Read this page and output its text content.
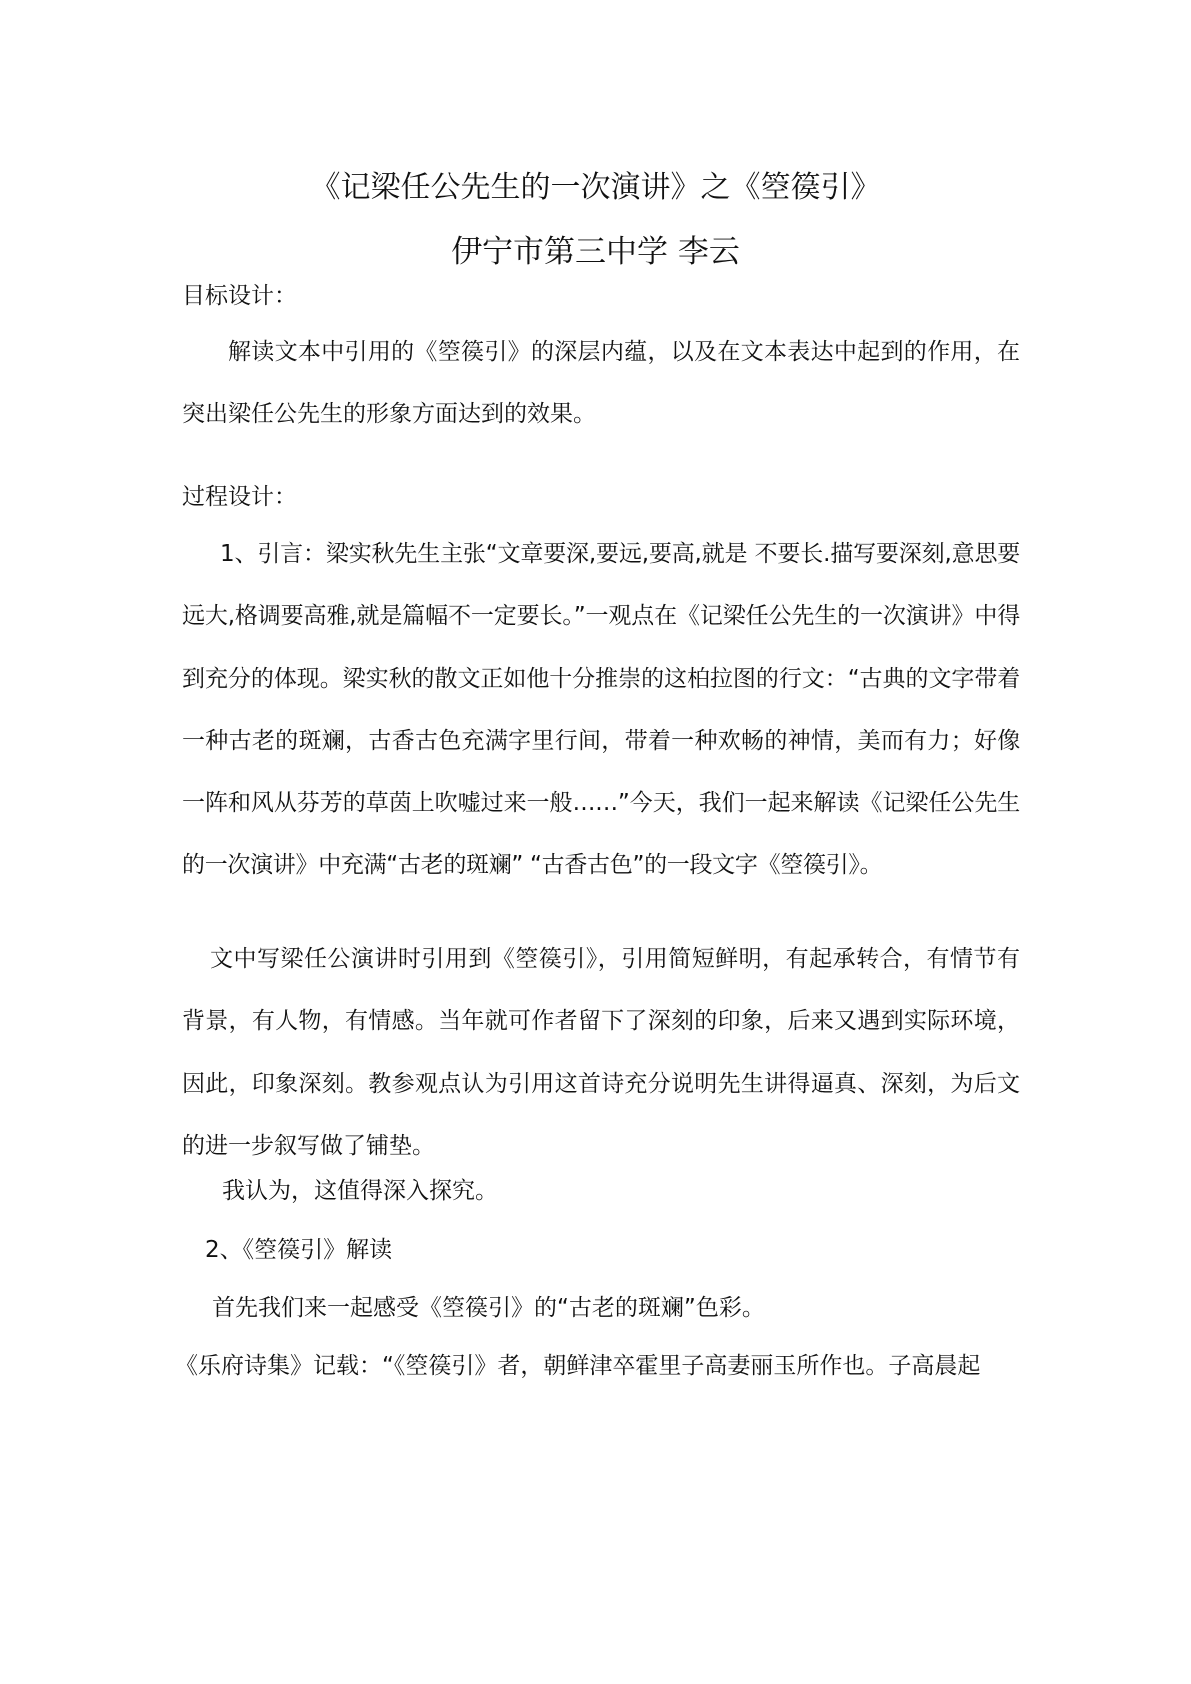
《记梁任公先生的一次演讲》之《箜篌引》
伊宁市第三中学 李云
目标设计：
解读文本中引用的《箜篌引》的深层内蕴，以及在文本表达中起到的作用，在突出梁任公先生的形象方面达到的效果。
过程设计：
1、引言：梁实秋先生主张“文章要深,要远,要高,就是 不要长.描写要深刻,意思要远大,格调要高雅,就是篇幅不一定要长。”一观点在《记梁任公先生的一次演讲》中得到充分的体现。梁实秋的散文正如他十分推崇的这柏拉图的行文：“古典的文字带着一种古老的斑斓，古香古色充满字里行间，带着一种欢畅的神情，美而有力；好像一阵和风从芬芳的草茵上吹嘘过来一般……”今天，我们一起来解读《记梁任公先生的一次演讲》中充满“古老的斑斓” “古香古色”的一段文字《箜篌引》。
文中写梁任公演讲时引用到《箜篌引》，引用简短鲜明，有起承转合，有情节有背景，有人物，有情感。当年就可作者留下了深刻的印象，后来又遇到实际环境，因此，印象深刻。教参观点认为引用这首诗充分说明先生讲得逼真、深刻，为后文的进一步叙写做了铺垫。
我认为，这值得深入探究。
2、《箜篌引》解读
首先我们来一起感受《箜篌引》的“古老的斑斓”色彩。
《乐府诗集》记载：“《箜篌引》者，朝鲜津卒霍里子高妻丽玉所作也。子高晨起
